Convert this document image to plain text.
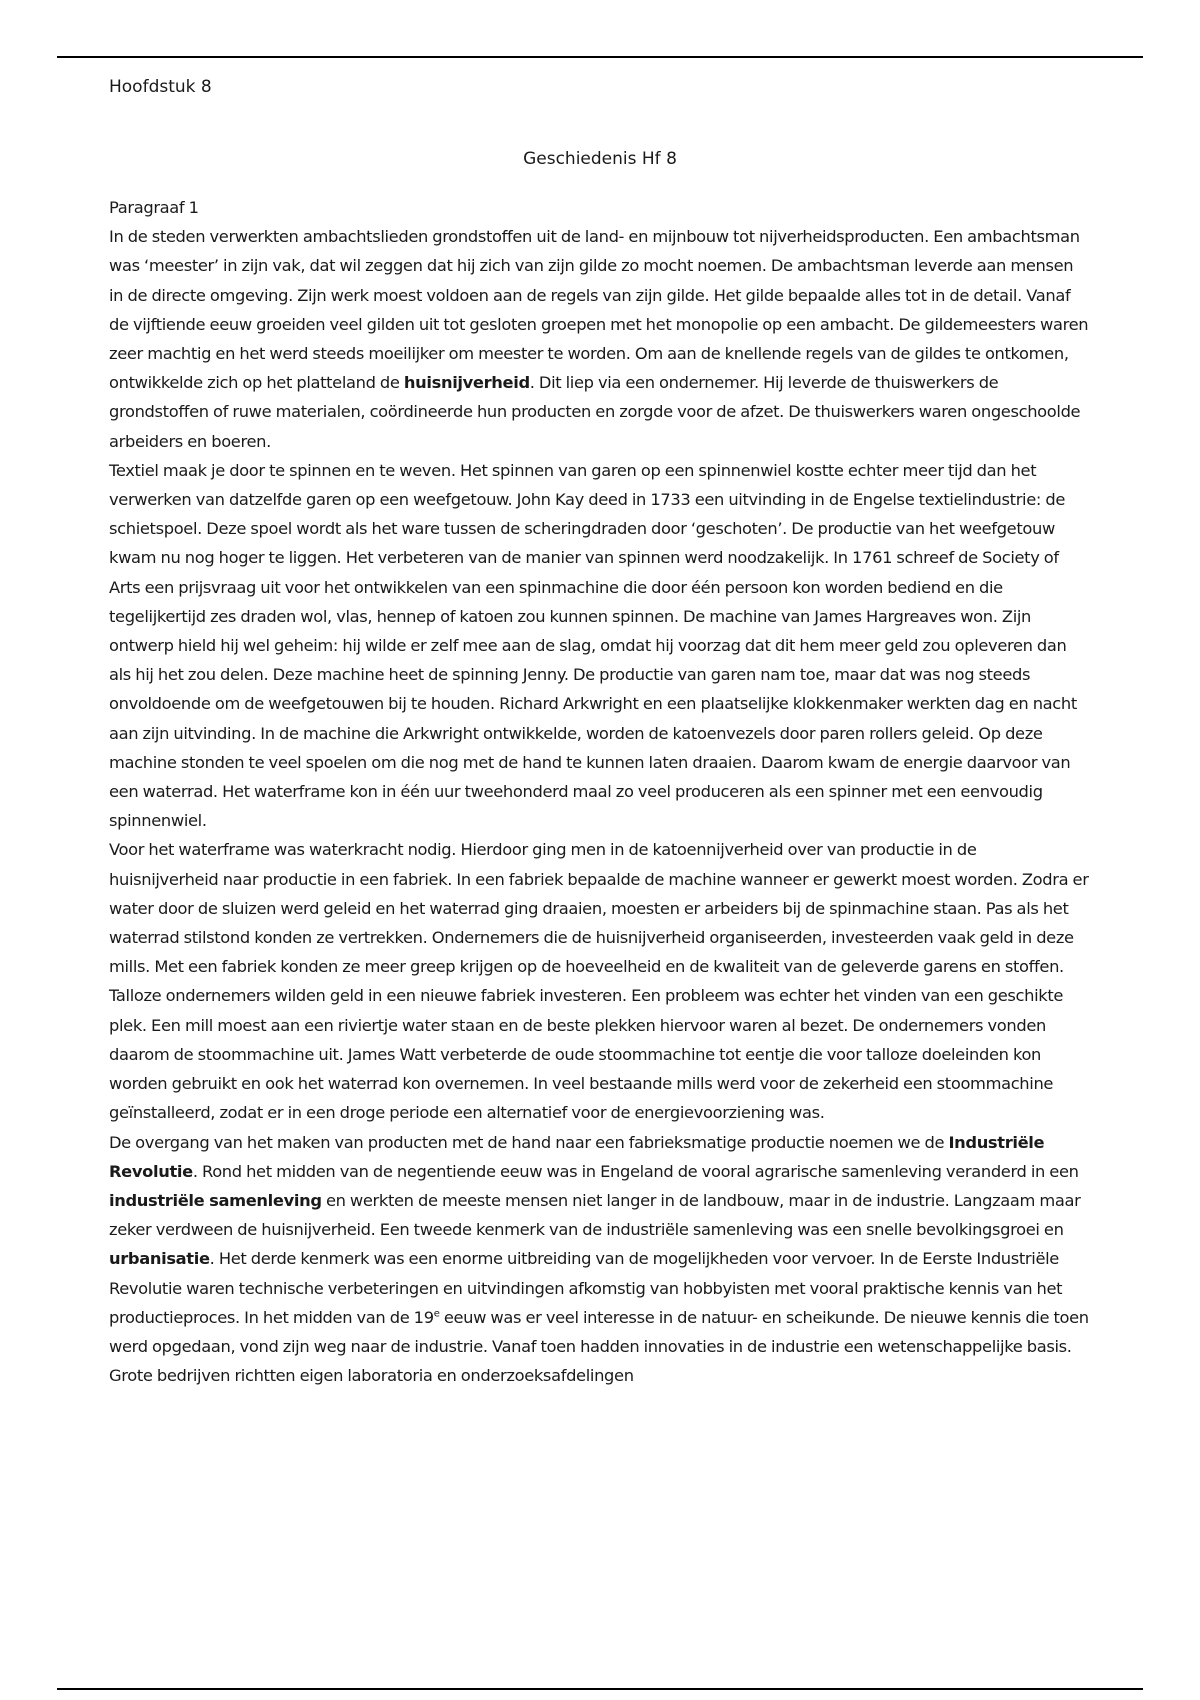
Hoofdstuk 8
Geschiedenis Hf 8

Paragraaf 1

In de steden verwerkten ambachtslieden grondstoffen uit de land- en mijnbouw tot nijverheidsproducten. Een ambachtsman was ‘meester’ in zijn vak, dat wil zeggen dat hij zich van zijn gilde zo mocht noemen. De ambachtsman leverde aan mensen in de directe omgeving. Zijn werk moest voldoen aan de regels van zijn gilde. Het gilde bepaalde alles tot in de detail. Vanaf de vijftiende eeuw groeiden veel gilden uit tot gesloten groepen met het monopolie op een ambacht. De gildemeesters waren zeer machtig en het werd steeds moeilijker om meester te worden. Om aan de knellende regels van de gildes te ontkomen, ontwikkelde zich op het platteland de huisnijverheid. Dit liep via een ondernemer. Hij leverde de thuiswerkers de grondstoffen of ruwe materialen, coördineerde hun producten en zorgde voor de afzet. De thuiswerkers waren ongeschoolde arbeiders en boeren.

Textiel maak je door te spinnen en te weven. Het spinnen van garen op een spinnenwiel kostte echter meer tijd dan het verwerken van datzelfde garen op een weefgetouw. John Kay deed in 1733 een uitvinding in de Engelse textielindustrie: de schietspoel. Deze spoel wordt als het ware tussen de scheringdraden door ‘geschoten’. De productie van het weefgetouw kwam nu nog hoger te liggen. Het verbeteren van de manier van spinnen werd noodzakelijk. In 1761 schreef de Society of Arts een prijsvraag uit voor het ontwikkelen van een spinmachine die door één persoon kon worden bediend en die tegelijkertijd zes draden wol, vlas, hennep of katoen zou kunnen spinnen. De machine van James Hargreaves won. Zijn ontwerp hield hij wel geheim: hij wilde er zelf mee aan de slag, omdat hij voorzag dat dit hem meer geld zou opleveren dan als hij het zou delen. Deze machine heet de spinning Jenny. De productie van garen nam toe, maar dat was nog steeds onvoldoende om de weefgetouwen bij te houden. Richard Arkwright en een plaatselijke klokkenmaker werkten dag en nacht aan zijn uitvinding. In de machine die Arkwright ontwikkelde, worden de katoenvezels door paren rollers geleid. Op deze machine stonden te veel spoelen om die nog met de hand te kunnen laten draaien. Daarom kwam de energie daarvoor van een waterrad. Het waterframe kon in één uur tweehonderd maal zo veel produceren als een spinner met een eenvoudig spinnenwiel.

Voor het waterframe was waterkracht nodig. Hierdoor ging men in de katoennijverheid over van productie in de huisnijverheid naar productie in een fabriek. In een fabriek bepaalde de machine wanneer er gewerkt moest worden. Zodra er water door de sluizen werd geleid en het waterrad ging draaien, moesten er arbeiders bij de spinmachine staan. Pas als het waterrad stilstond konden ze vertrekken. Ondernemers die de huisnijverheid organiseerden, investeerden vaak geld in deze mills. Met een fabriek konden ze meer greep krijgen op de hoeveelheid en de kwaliteit van de geleverde garens en stoffen. Talloze ondernemers wilden geld in een nieuwe fabriek investeren. Een probleem was echter het vinden van een geschikte plek. Een mill moest aan een riviertje water staan en de beste plekken hiervoor waren al bezet. De ondernemers vonden daarom de stoommachine uit. James Watt verbeterde de oude stoommachine tot eentje die voor talloze doeleinden kon worden gebruikt en ook het waterrad kon overnemen. In veel bestaande mills werd voor de zekerheid een stoommachine geïnstalleerd, zodat er in een droge periode een alternatief voor de energievoorziening was.

De overgang van het maken van producten met de hand naar een fabrieksmatige productie noemen we de Industriële Revolutie. Rond het midden van de negentiende eeuw was in Engeland de vooral agrarische samenleving veranderd in een industriële samenleving en werkten de meeste mensen niet langer in de landbouw, maar in de industrie. Langzaam maar zeker verdween de huisnijverheid. Een tweede kenmerk van de industriële samenleving was een snelle bevolkingsgroei en urbanisatie. Het derde kenmerk was een enorme uitbreiding van de mogelijkheden voor vervoer. In de Eerste Industriële Revolutie waren technische verbeteringen en uitvindingen afkomstig van hobbyisten met vooral praktische kennis van het productieproces. In het midden van de 19e eeuw was er veel interesse in de natuur- en scheikunde. De nieuwe kennis die toen werd opgedaan, vond zijn weg naar de industrie. Vanaf toen hadden innovaties in de industrie een wetenschappelijke basis. Grote bedrijven richtten eigen laboratoria en onderzoeksafdelingen
